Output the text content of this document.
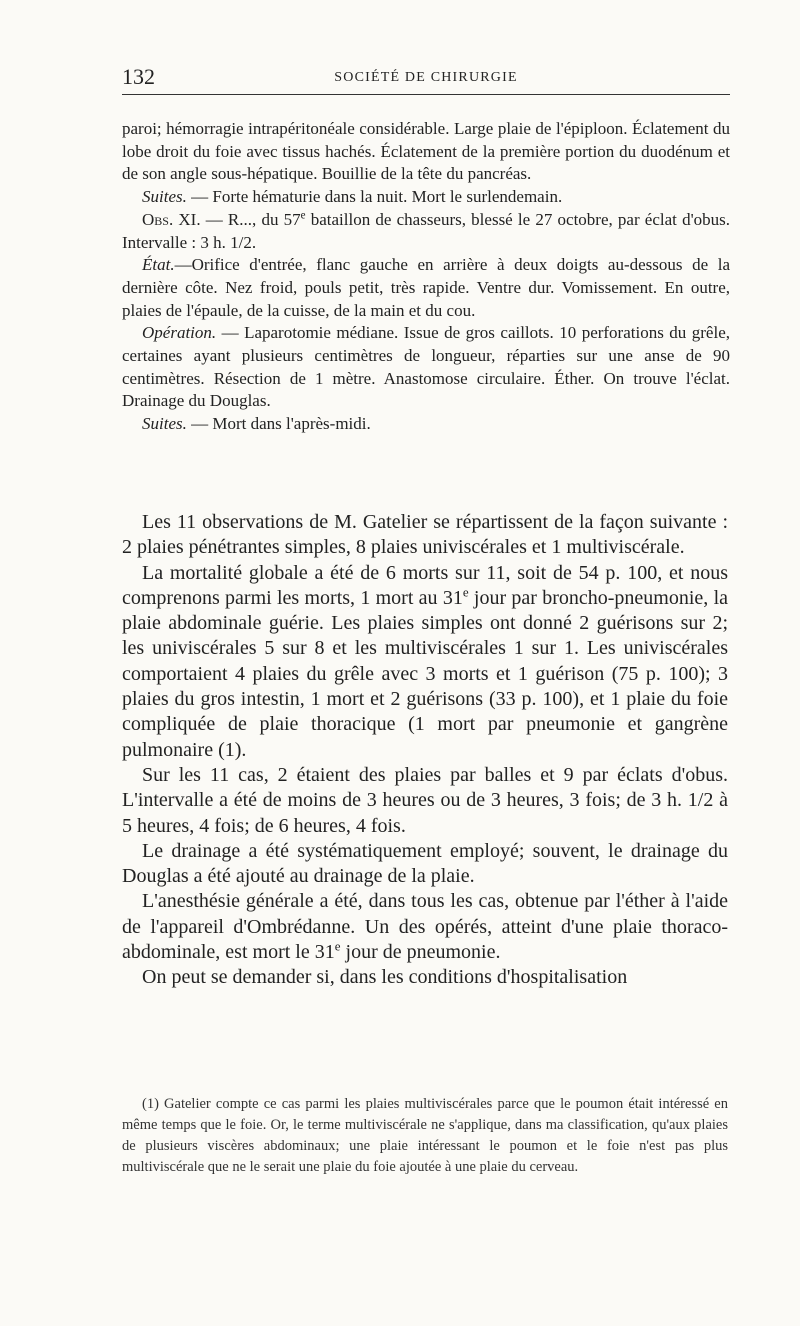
132	SOCIÉTÉ DE CHIRURGIE

paroi; hémorragie intrapéritonéale considérable. Large plaie de l'épiploon. Éclatement du lobe droit du foie avec tissus hachés. Éclatement de la première portion du duodénum et de son angle sous-hépatique. Bouillie de la tête du pancréas.

Suites. — Forte hématurie dans la nuit. Mort le surlendemain.

Obs. XI. — R..., du 57e bataillon de chasseurs, blessé le 27 octobre, par éclat d'obus. Intervalle : 3 h. 1/2.

État.—Orifice d'entrée, flanc gauche en arrière à deux doigts au-dessous de la dernière côte. Nez froid, pouls petit, très rapide. Ventre dur. Vomissement. En outre, plaies de l'épaule, de la cuisse, de la main et du cou.

Opération. — Laparotomie médiane. Issue de gros caillots. 10 perforations du grêle, certaines ayant plusieurs centimètres de longueur, réparties sur une anse de 90 centimètres. Résection de 1 mètre. Anastomose circulaire. Éther. On trouve l'éclat. Drainage du Douglas.

Suites. — Mort dans l'après-midi.

Les 11 observations de M. Gatelier se répartissent de la façon suivante : 2 plaies pénétrantes simples, 8 plaies univiscérales et 1 multiviscérale.

La mortalité globale a été de 6 morts sur 11, soit de 54 p. 100, et nous comprenons parmi les morts, 1 mort au 31e jour par broncho-pneumonie, la plaie abdominale guérie. Les plaies simples ont donné 2 guérisons sur 2; les univiscérales 5 sur 8 et les multiviscérales 1 sur 1. Les univiscérales comportaient 4 plaies du grêle avec 3 morts et 1 guérison (75 p. 100); 3 plaies du gros intestin, 1 mort et 2 guérisons (33 p. 100), et 1 plaie du foie compliquée de plaie thoracique (1 mort par pneumonie et gangrène pulmonaire (1).

Sur les 11 cas, 2 étaient des plaies par balles et 9 par éclats d'obus. L'intervalle a été de moins de 3 heures ou de 3 heures, 3 fois; de 3 h. 1/2 à 5 heures, 4 fois; de 6 heures, 4 fois.

Le drainage a été systématiquement employé; souvent, le drainage du Douglas a été ajouté au drainage de la plaie.

L'anesthésie générale a été, dans tous les cas, obtenue par l'éther à l'aide de l'appareil d'Ombrédanne. Un des opérés, atteint d'une plaie thoraco-abdominale, est mort le 31e jour de pneumonie.

On peut se demander si, dans les conditions d'hospitalisation

(1) Gatelier compte ce cas parmi les plaies multiviscérales parce que le poumon était intéressé en même temps que le foie. Or, le terme multiviscérale ne s'applique, dans ma classification, qu'aux plaies de plusieurs viscères abdominaux; une plaie intéressant le poumon et le foie n'est pas plus multiviscérale que ne le serait une plaie du foie ajoutée à une plaie du cerveau.
